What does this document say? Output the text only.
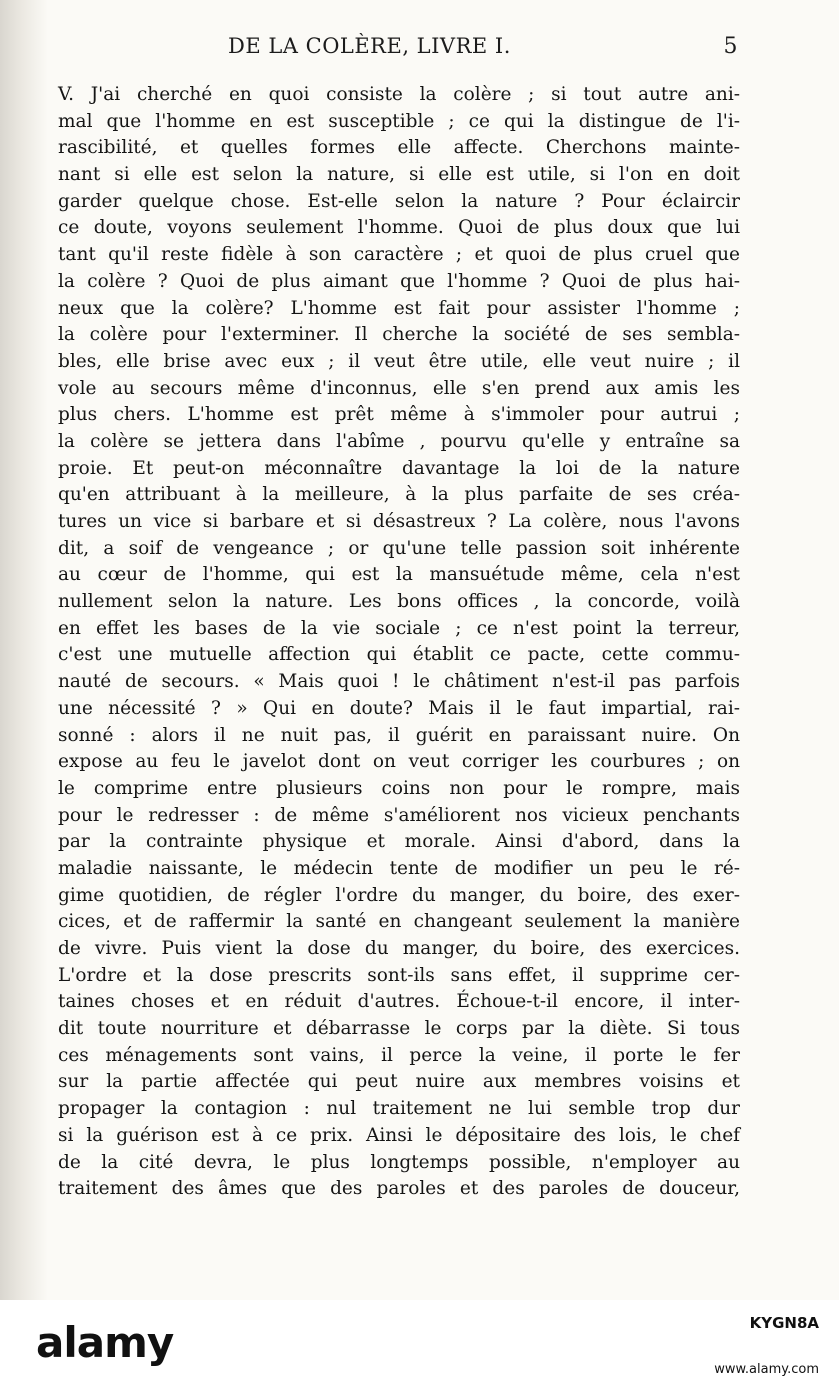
DE LA COLÈRE, LIVRE I.	5
V. J'ai cherché en quoi consiste la colère ; si tout autre ani-
mal que l'homme en est susceptible ; ce qui la distingue de l'i-
rascibilité, et quelles formes elle affecte. Cherchons mainte-
nant si elle est selon la nature, si elle est utile, si l'on en doit
garder quelque chose. Est-elle selon la nature ? Pour éclaircir
ce doute, voyons seulement l'homme. Quoi de plus doux que lui
tant qu'il reste fidèle à son caractère ; et quoi de plus cruel que
la colère ? Quoi de plus aimant que l'homme ? Quoi de plus hai-
neux que la colère? L'homme est fait pour assister l'homme ;
la colère pour l'exterminer. Il cherche la société de ses sembla-
bles, elle brise avec eux ; il veut être utile, elle veut nuire ; il
vole au secours même d'inconnus, elle s'en prend aux amis les
plus chers. L'homme est prêt même à s'immoler pour autrui ;
la colère se jettera dans l'abîme , pourvu qu'elle y entraîne sa
proie. Et peut-on méconnaître davantage la loi de la nature
qu'en attribuant à la meilleure, à la plus parfaite de ses créa-
tures un vice si barbare et si désastreux ? La colère, nous l'avons
dit, a soif de vengeance ; or qu'une telle passion soit inhérente
au cœur de l'homme, qui est la mansuétude même, cela n'est
nullement selon la nature. Les bons offices , la concorde, voilà
en effet les bases de la vie sociale ; ce n'est point la terreur,
c'est une mutuelle affection qui établit ce pacte, cette commu-
nauté de secours. « Mais quoi ! le châtiment n'est-il pas parfois
une nécessité ? » Qui en doute? Mais il le faut impartial, rai-
sonné : alors il ne nuit pas, il guérit en paraissant nuire. On
expose au feu le javelot dont on veut corriger les courbures ; on
le comprime entre plusieurs coins non pour le rompre, mais
pour le redresser : de même s'améliorent nos vicieux penchants
par la contrainte physique et morale. Ainsi d'abord, dans la
maladie naissante, le médecin tente de modifier un peu le ré-
gime quotidien, de régler l'ordre du manger, du boire, des exer-
cices, et de raffermir la santé en changeant seulement la manière
de vivre. Puis vient la dose du manger, du boire, des exercices.
L'ordre et la dose prescrits sont-ils sans effet, il supprime cer-
taines choses et en réduit d'autres. Échoue-t-il encore, il inter-
dit toute nourriture et débarrasse le corps par la diète. Si tous
ces ménagements sont vains, il perce la veine, il porte le fer
sur la partie affectée qui peut nuire aux membres voisins et
propager la contagion : nul traitement ne lui semble trop dur
si la guérison est à ce prix. Ainsi le dépositaire des lois, le chef
de la cité devra, le plus longtemps possible, n'employer au
traitement des âmes que des paroles et des paroles de douceur,
alamy	KYGN8A
www.alamy.com
